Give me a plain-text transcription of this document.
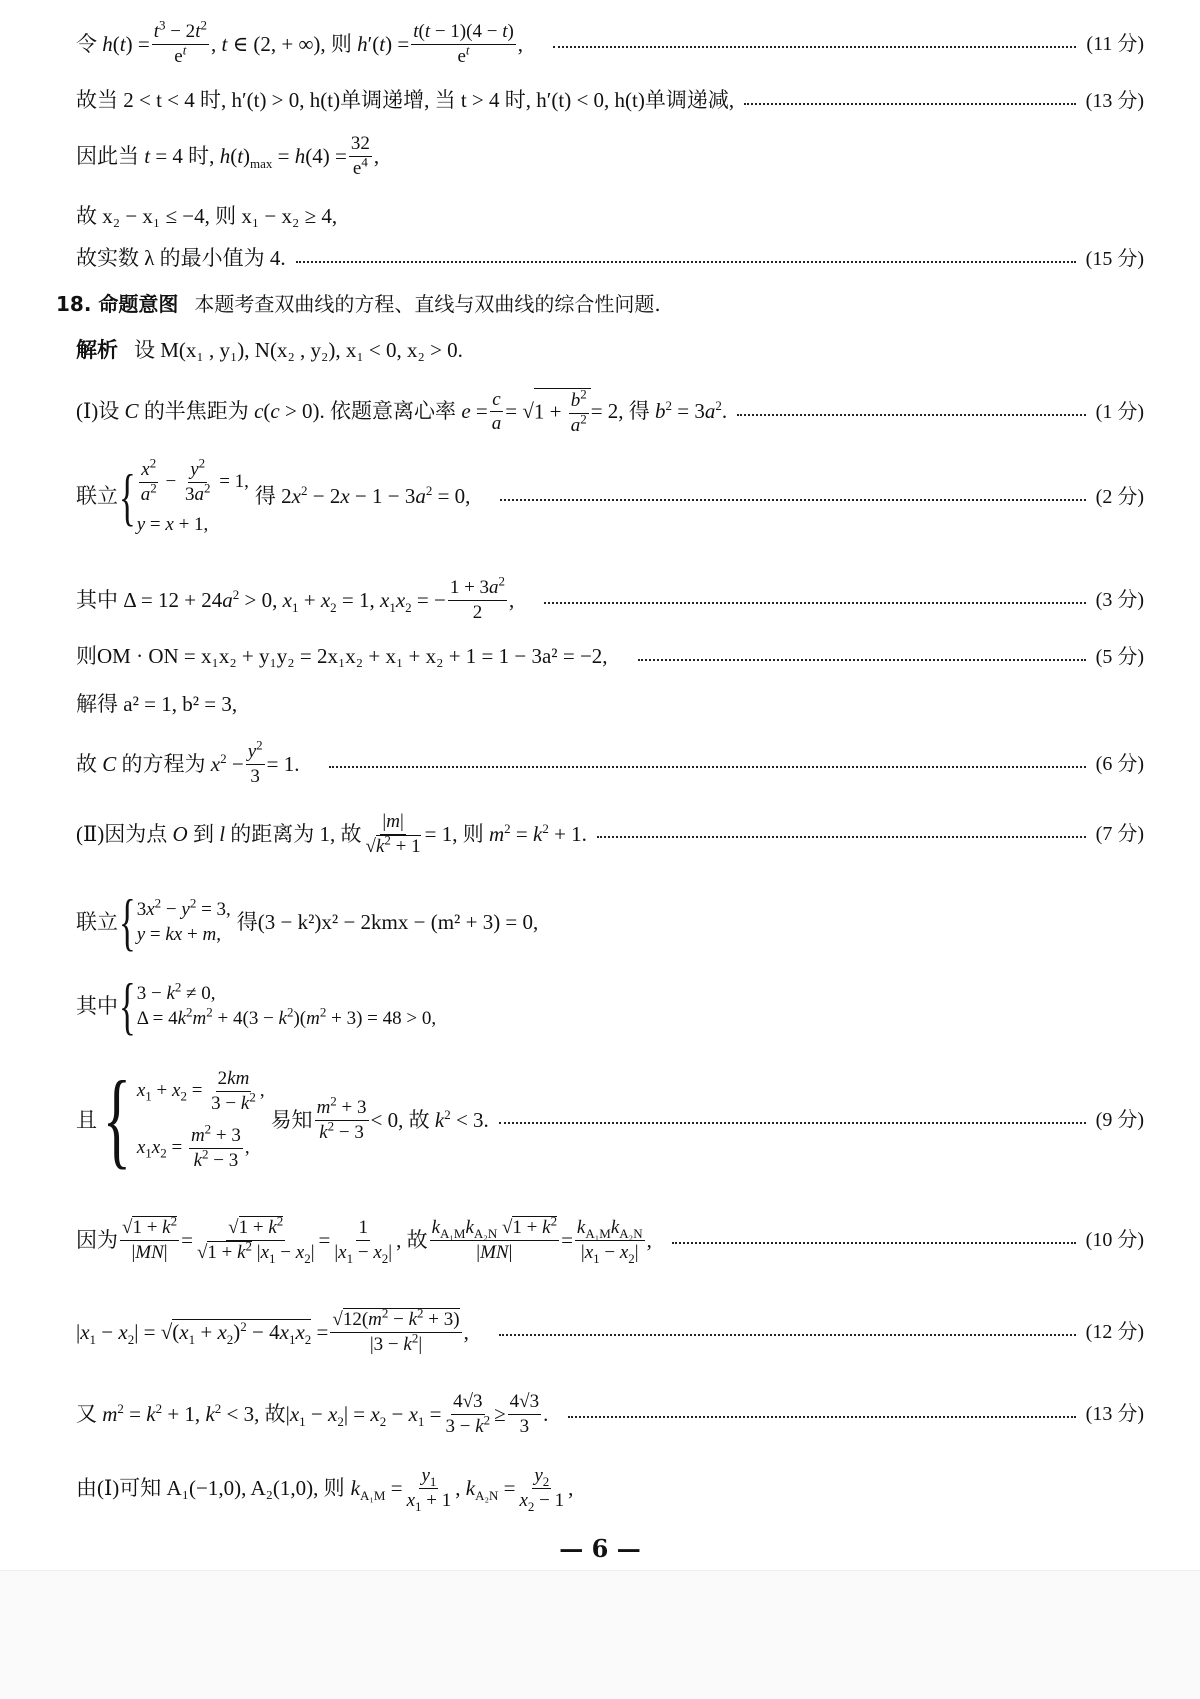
令 $h(t) = \frac{t^3 - 2t^2}{e^t}$ , t ∈ (2, + ∞), 则 $h'(t) = \frac{t(t - 1)(4 - t)}{e^t}$ ,	(11 分)
故当 2 < t < 4 时, h′(t) > 0, h(t)单调递增, 当 t > 4 时, h′(t) < 0, h(t)单调递减,	(13 分)
因此当 t = 4 时, $h(t)_{max} = h(4) = \frac{32}{e^4}$ ,
故 x₂ − x₁ ≤ −4, 则 x₁ − x₂ ≥ 4,
故实数 λ 的最小值为 4.	(15 分)
18. 命题意图 本题考查双曲线的方程、直线与双曲线的综合性问题.
解析 设 M(x₁ , y₁), N(x₂ , y₂), x₁ < 0, x₂ > 0.
(Ⅰ)设 C 的半焦距为 c(c > 0). 依题意离心率 $e = \frac{c}{a}$ = √ $1 + \frac{b^2}{a^2} = 2$, 得 $b^2 = 3a^2$.	(1 分)
联立 { $\frac{x^2}{a^2} - \frac{y^2}{3a^2} = 1$,
y = x + 1,
得 $2x^2 - 2x - 1 - 3a^2 = 0$,	(2 分)
其中 $\Delta = 12 + 24a^2 > 0$, $x_1 + x_2 = 1$, $x_1x_2$ = − $\frac{1 + 3a^2}{2}$ ,	(3 分)
则OM · ON = x₁x₂ + y₁y₂ = 2x₁x₂ + x₁ + x₂ + 1 = 1 − 3a² = −2,	(5 分)
解得 a² = 1, b² = 3,
故 C 的方程为 $x^2 - \frac{y^2}{3} = 1$.	(6 分)
(Ⅱ)因为点 O 到 l 的距离为 1, 故 $\frac{|m|}{√k^2 + 1} = 1$, 则 $m^2 = k^2 + 1$.	(7 分)
联立 { $3x^2 - y^2 = 3$,
y = kx + m,
得(3 − k²)x² − 2kmx − (m² + 3) = 0,
其中 { $3 - k^2 \ne 0$,
$\Delta = 4k^2m^2 + 4(3 - k^2)(m^2 + 3) = 48 > 0$,
且 { $x_1 + x_2 = \frac{2km}{3 - k^2}$ ,
$x_1x_2 = \frac{m^2 + 3}{k^2 - 3}$ ,
易知 $\frac{m^2 + 3}{k^2 - 3} < 0$, 故 $k^2 < 3$.	(9 分)
因为 $\frac{√1 + k^2}{|MN|} = \frac{√1 + k^2}{√1 + k^2 |x_1 - x_2|} = \frac{1}{|x_1 - x_2|}$ , 故 $\frac{k_{A_1M}k_{A_2N} √1 + k^2}{|MN|} = \frac{k_{A_1M}k_{A_2N}}{|x_1 - x_2|}$ ,	(10 分)
$|x_1 - x_2| = √(x_1 + x_2)^2 - 4x_1x_2 = \frac{√12(m^2 - k^2 + 3)}{|3 - k^2|}$ ,	(12 分)
又 $m^2 = k^2 + 1$, $k^2 < 3$, 故$|x_1 - x_2| = x_2 - x_1 = \frac{4√3}{3 - k^2} \ge \frac{4√3}{3}$ .	(13 分)
由(Ⅰ)可知 A₁(−1,0), A₂(1,0), 则 $k_{A_1M} = \frac{y_1}{x_1 + 1}$ , $k_{A_2N} = \frac{y_2}{x_2 - 1}$ ,
— 6 —
